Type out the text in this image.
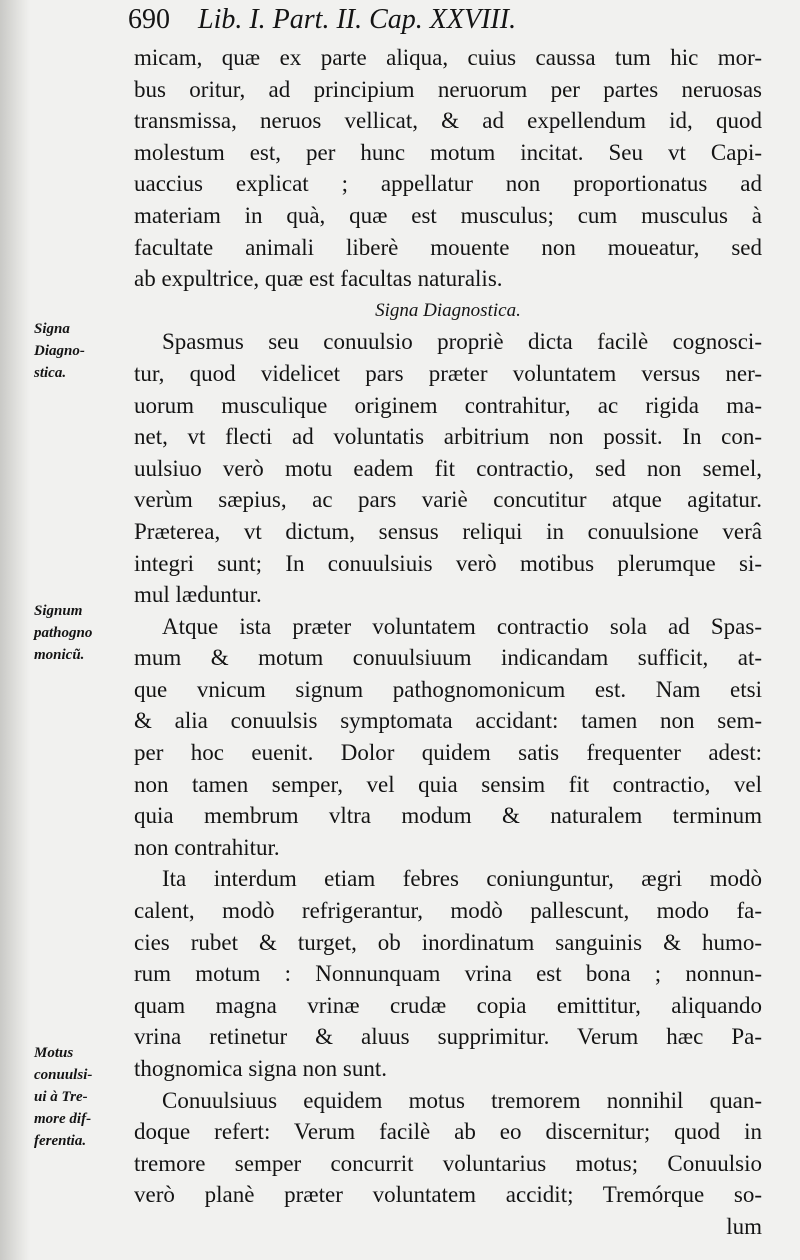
690 Lib. I. Part. II. Cap. XXVIII.
Signa
Diagno-
stica.
Signum
pathogno
monicũ.
Motus
conuulsi-
ui à Tre-
more dif-
ferentia.
micam, quæ ex parte aliqua, cuius caussa tum hic mor-
bus oritur, ad principium neruorum per partes neruosas
transmissa, neruos vellicat, & ad expellendum id, quod
molestum est, per hunc motum incitat. Seu vt Capi-
uaccius explicat ; appellatur non proportionatus ad
materiam in quà, quæ est musculus; cum musculus à
facultate animali liberè mouente non moueatur, sed
ab expultrice, quæ est facultas naturalis.
Signa Diagnostica.
Spasmus seu conuulsio propriè dicta facilè cognosci-
tur, quod videlicet pars præter voluntatem versus ner-
uorum musculique originem contrahitur, ac rigida ma-
net, vt flecti ad voluntatis arbitrium non possit. In con-
uulsiuo verò motu eadem fit contractio, sed non semel,
verùm sæpius, ac pars variè concutitur atque agitatur.
Præterea, vt dictum, sensus reliqui in conuulsione verâ
integri sunt; In conuulsiuis verò motibus plerumque si-
mul læduntur.
Atque ista præter voluntatem contractio sola ad Spas-
mum & motum conuulsiuum indicandam sufficit, at-
que vnicum signum pathognomonicum est. Nam etsi
& alia conuulsis symptomata accidant: tamen non sem-
per hoc euenit. Dolor quidem satis frequenter adest:
non tamen semper, vel quia sensim fit contractio, vel
quia membrum vltra modum & naturalem terminum
non contrahitur.
Ita interdum etiam febres coniunguntur, ægri modò
calent, modò refrigerantur, modò pallescunt, modo fa-
cies rubet & turget, ob inordinatum sanguinis & humo-
rum motum : Nonnunquam vrina est bona ; nonnun-
quam magna vrinæ crudæ copia emittitur, aliquando
vrina retinetur & aluus supprimitur. Verum hæc Pa-
thognomica signa non sunt.
Conuulsiuus equidem motus tremorem nonnihil quan-
doque refert: Verum facilè ab eo discernitur; quod in
tremore semper concurrit voluntarius motus; Conuulsio
verò planè præter voluntatem accidit; Tremórque so-
lum
